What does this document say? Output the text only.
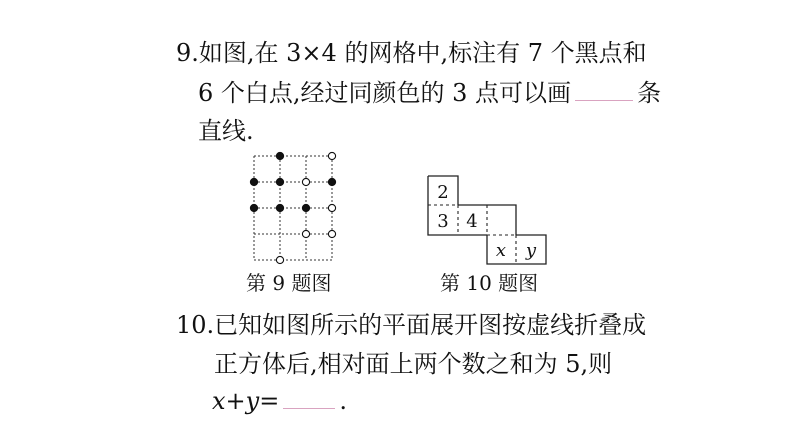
9.如图,在 3×4 的网格中,标注有 7 个黑点和
6 个白点,经过同颜色的 3 点可以画	条
直线.
第 9 题图
2
3 4
x y
第 10 题图
10.已知如图所示的平面展开图按虚线折叠成
正方体后,相对面上两个数之和为 5,则
x+y=	.
